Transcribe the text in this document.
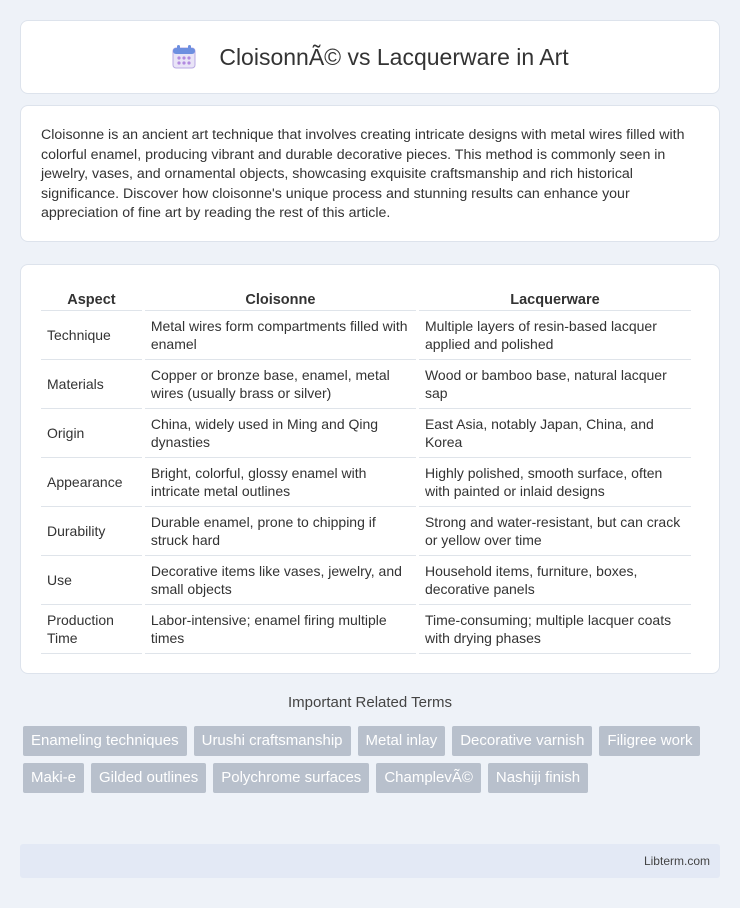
CloisonnÃ© vs Lacquerware in Art

Cloisonne is an ancient art technique that involves creating intricate designs with metal wires filled with colorful enamel, producing vibrant and durable decorative pieces. This method is commonly seen in jewelry, vases, and ornamental objects, showcasing exquisite craftsmanship and rich historical significance. Discover how cloisonne's unique process and stunning results can enhance your appreciation of fine art by reading the rest of this article.

Aspect	Cloisonne	Lacquerware
Technique	Metal wires form compartments filled with enamel	Multiple layers of resin-based lacquer applied and polished
Materials	Copper or bronze base, enamel, metal wires (usually brass or silver)	Wood or bamboo base, natural lacquer sap
Origin	China, widely used in Ming and Qing dynasties	East Asia, notably Japan, China, and Korea
Appearance	Bright, colorful, glossy enamel with intricate metal outlines	Highly polished, smooth surface, often with painted or inlaid designs
Durability	Durable enamel, prone to chipping if struck hard	Strong and water-resistant, but can crack or yellow over time
Use	Decorative items like vases, jewelry, and small objects	Household items, furniture, boxes, decorative panels
Production Time	Labor-intensive; enamel firing multiple times	Time-consuming; multiple lacquer coats with drying phases
Important Related Terms
Enameling techniques	Urushi craftsmanship	Metal inlay	Decorative varnish	Filigree work
Maki-e	Gilded outlines	Polychrome surfaces	ChamplevÃ©	Nashiji finish
Libterm.com
